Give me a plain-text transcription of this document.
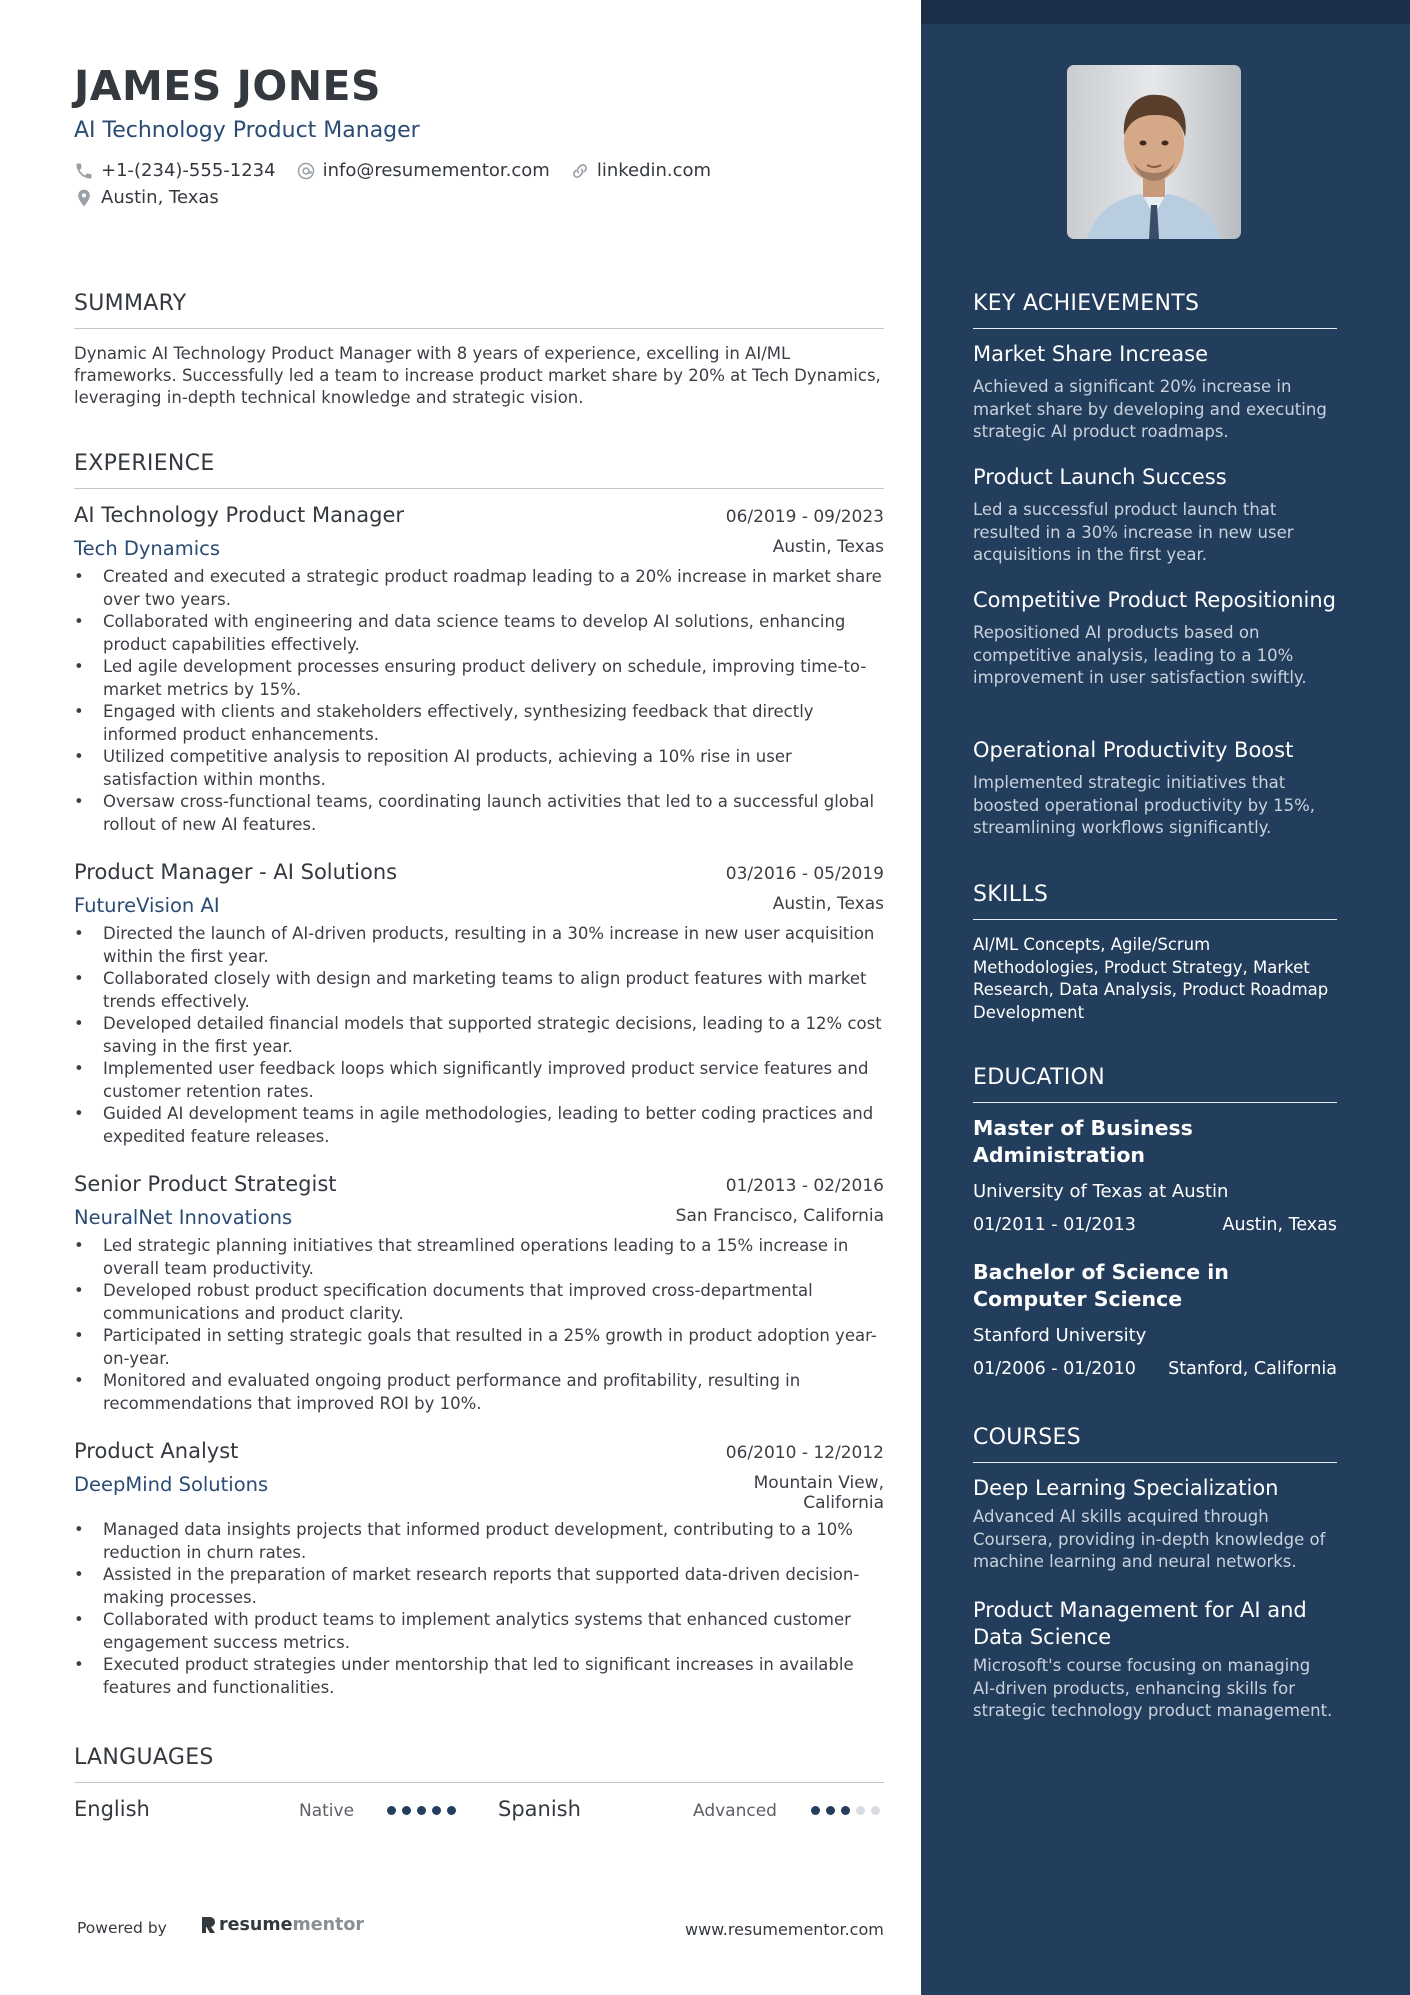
JAMES JONES
AI Technology Product Manager
+1-(234)-555-1234	info@resumementor.com	linkedin.com
Austin, Texas
SUMMARY
Dynamic AI Technology Product Manager with 8 years of experience, excelling in AI/ML frameworks. Successfully led a team to increase product market share by 20% at Tech Dynamics, leveraging in-depth technical knowledge and strategic vision.
EXPERIENCE
AI Technology Product Manager	06/2019 - 09/2023
Tech Dynamics	Austin, Texas
• Created and executed a strategic product roadmap leading to a 20% increase in market share over two years.
• Collaborated with engineering and data science teams to develop AI solutions, enhancing product capabilities effectively.
• Led agile development processes ensuring product delivery on schedule, improving time-to-market metrics by 15%.
• Engaged with clients and stakeholders effectively, synthesizing feedback that directly informed product enhancements.
• Utilized competitive analysis to reposition AI products, achieving a 10% rise in user satisfaction within months.
• Oversaw cross-functional teams, coordinating launch activities that led to a successful global rollout of new AI features.
Product Manager - AI Solutions	03/2016 - 05/2019
FutureVision AI	Austin, Texas
• Directed the launch of AI-driven products, resulting in a 30% increase in new user acquisition within the first year.
• Collaborated closely with design and marketing teams to align product features with market trends effectively.
• Developed detailed financial models that supported strategic decisions, leading to a 12% cost saving in the first year.
• Implemented user feedback loops which significantly improved product service features and customer retention rates.
• Guided AI development teams in agile methodologies, leading to better coding practices and expedited feature releases.
Senior Product Strategist	01/2013 - 02/2016
NeuralNet Innovations	San Francisco, California
• Led strategic planning initiatives that streamlined operations leading to a 15% increase in overall team productivity.
• Developed robust product specification documents that improved cross-departmental communications and product clarity.
• Participated in setting strategic goals that resulted in a 25% growth in product adoption year-on-year.
• Monitored and evaluated ongoing product performance and profitability, resulting in recommendations that improved ROI by 10%.
Product Analyst	06/2010 - 12/2012
DeepMind Solutions	Mountain View, California
• Managed data insights projects that informed product development, contributing to a 10% reduction in churn rates.
• Assisted in the preparation of market research reports that supported data-driven decision-making processes.
• Collaborated with product teams to implement analytics systems that enhanced customer engagement success metrics.
• Executed product strategies under mentorship that led to significant increases in available features and functionalities.
LANGUAGES
English	Native	Spanish	Advanced
Powered by	resume mentor	www.resumementor.com
KEY ACHIEVEMENTS
Market Share Increase
Achieved a significant 20% increase in market share by developing and executing strategic AI product roadmaps.
Product Launch Success
Led a successful product launch that resulted in a 30% increase in new user acquisitions in the first year.
Competitive Product Repositioning
Repositioned AI products based on competitive analysis, leading to a 10% improvement in user satisfaction swiftly.
Operational Productivity Boost
Implemented strategic initiatives that boosted operational productivity by 15%, streamlining workflows significantly.
SKILLS
AI/ML Concepts, Agile/Scrum Methodologies, Product Strategy, Market Research, Data Analysis, Product Roadmap Development
EDUCATION
Master of Business Administration
University of Texas at Austin
01/2011 - 01/2013	Austin, Texas
Bachelor of Science in Computer Science
Stanford University
01/2006 - 01/2010 Stanford, California
COURSES
Deep Learning Specialization
Advanced AI skills acquired through Coursera, providing in-depth knowledge of machine learning and neural networks.
Product Management for AI and Data Science
Microsoft's course focusing on managing AI-driven products, enhancing skills for strategic technology product management.
